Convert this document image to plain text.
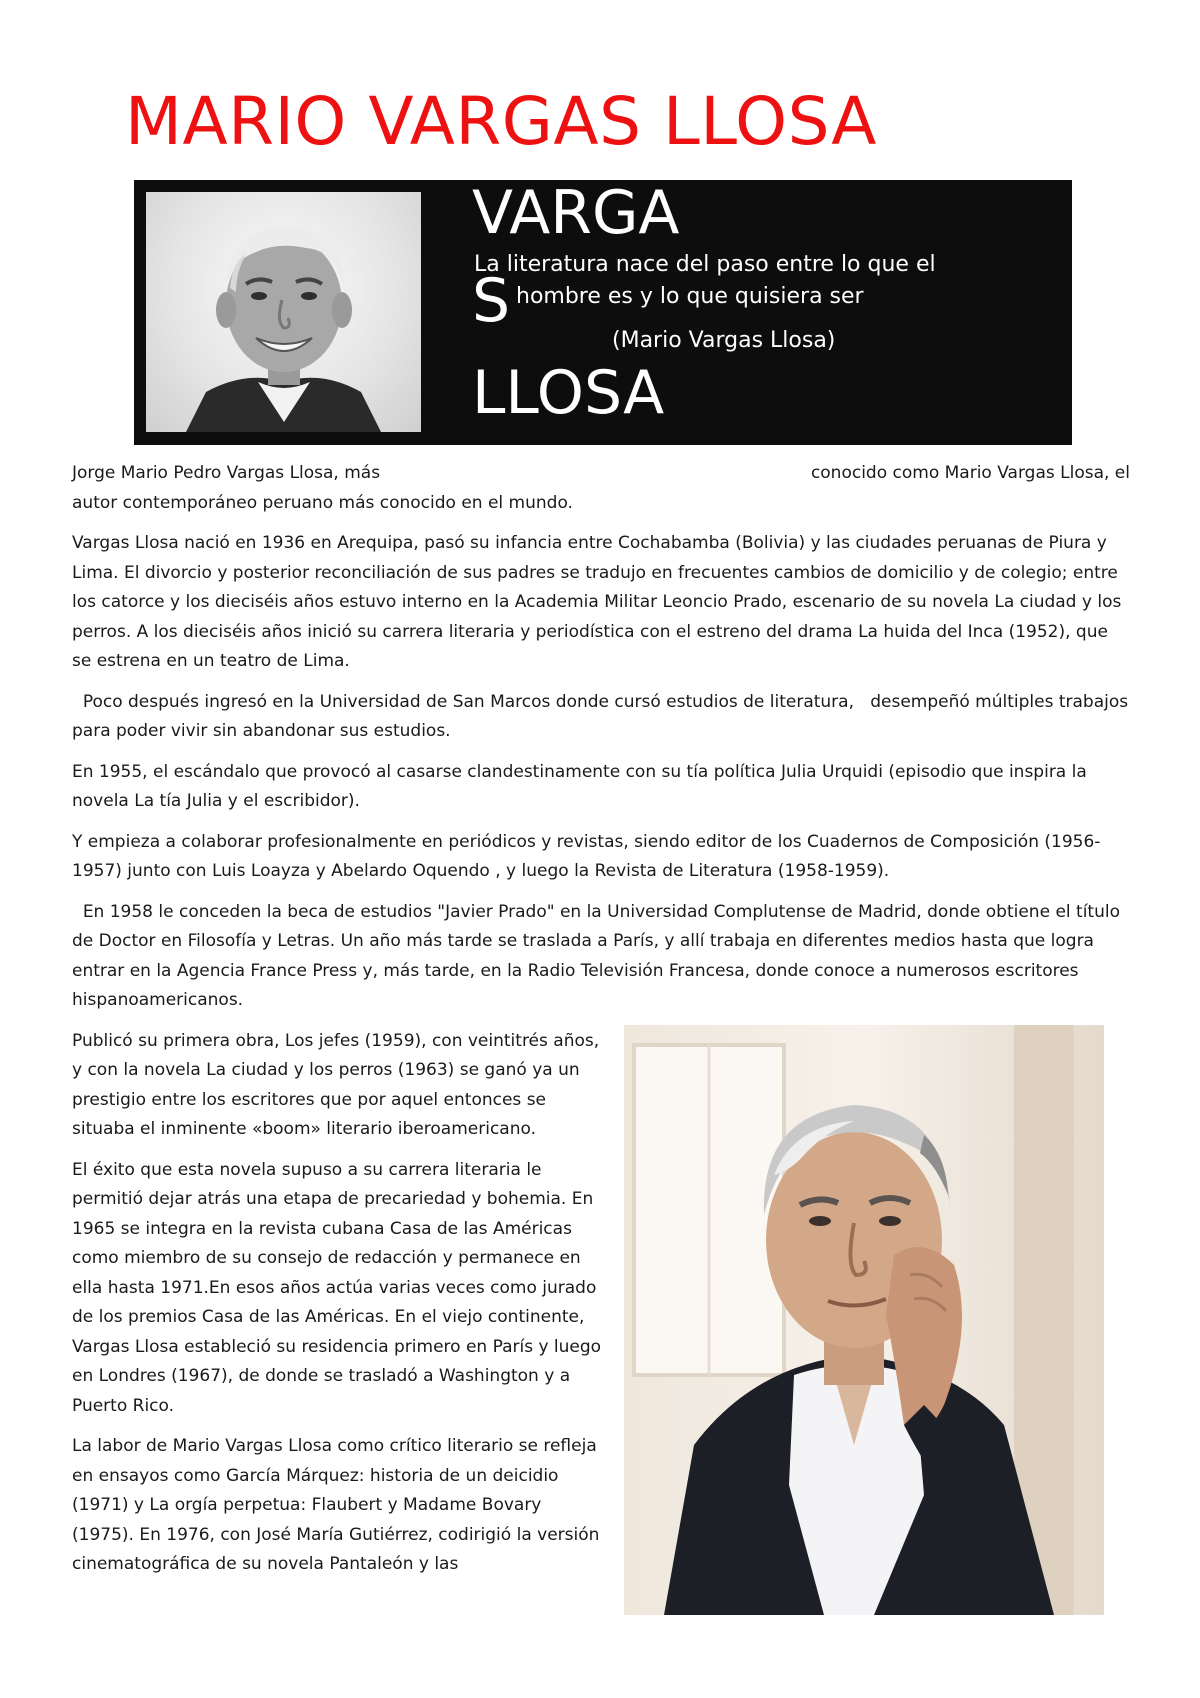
MARIO VARGAS LLOSA
VARGA
S
LLOSA
La literatura nace del paso entre lo que el
hombre es y lo que quisiera ser
(Mario Vargas Llosa)
Jorge Mario Pedro Vargas Llosa, más	conocido como Mario Vargas Llosa, el

autor contemporáneo peruano más conocido en el mundo.

Vargas Llosa nació en 1936 en Arequipa, pasó su infancia entre Cochabamba (Bolivia) y las ciudades peruanas de Piura y Lima. El divorcio y posterior reconciliación de sus padres se tradujo en frecuentes cambios de domicilio y de colegio; entre los catorce y los dieciséis años estuvo interno en la Academia Militar Leoncio Prado, escenario de su novela La ciudad y los perros. A los dieciséis años inició su carrera literaria y periodística con el estreno del drama La huida del Inca (1952), que se estrena en un teatro de Lima.

Poco después ingresó en la Universidad de San Marcos donde cursó estudios de literatura,   desempeñó múltiples trabajos para poder vivir sin abandonar sus estudios.

En 1955, el escándalo que provocó al casarse clandestinamente con su tía política Julia Urquidi (episodio que inspira la novela La tía Julia y el escribidor).

Y empieza a colaborar profesionalmente en periódicos y revistas, siendo editor de los Cuadernos de Composición (1956-1957) junto con Luis Loayza y Abelardo Oquendo , y luego la Revista de Literatura (1958-1959).

En 1958 le conceden la beca de estudios "Javier Prado" en la Universidad Complutense de Madrid, donde obtiene el título de Doctor en Filosofía y Letras. Un año más tarde se traslada a París, y allí trabaja en diferentes medios hasta que logra entrar en la Agencia France Press y, más tarde, en la Radio Televisión Francesa, donde conoce a numerosos escritores hispanoamericanos.

Publicó su primera obra, Los jefes (1959), con veintitrés años, y con la novela La ciudad y los perros (1963) se ganó ya un prestigio entre los escritores que por aquel entonces se situaba el inminente «boom» literario iberoamericano.

El éxito que esta novela supuso a su carrera literaria le permitió dejar atrás una etapa de precariedad y bohemia. En 1965 se integra en la revista cubana Casa de las Américas como miembro de su consejo de redacción y permanece en ella hasta 1971.En esos años actúa varias veces como jurado de los premios Casa de las Américas. En el viejo continente, Vargas Llosa estableció su residencia primero en París y luego en Londres (1967), de donde se trasladó a Washington y a Puerto Rico.

La labor de Mario Vargas Llosa como crítico literario se refleja en ensayos como García Márquez: historia de un deicidio (1971) y La orgía perpetua: Flaubert y Madame Bovary (1975). En 1976, con José María Gutiérrez, codirigió la versión cinematográfica de su novela Pantaleón y las
